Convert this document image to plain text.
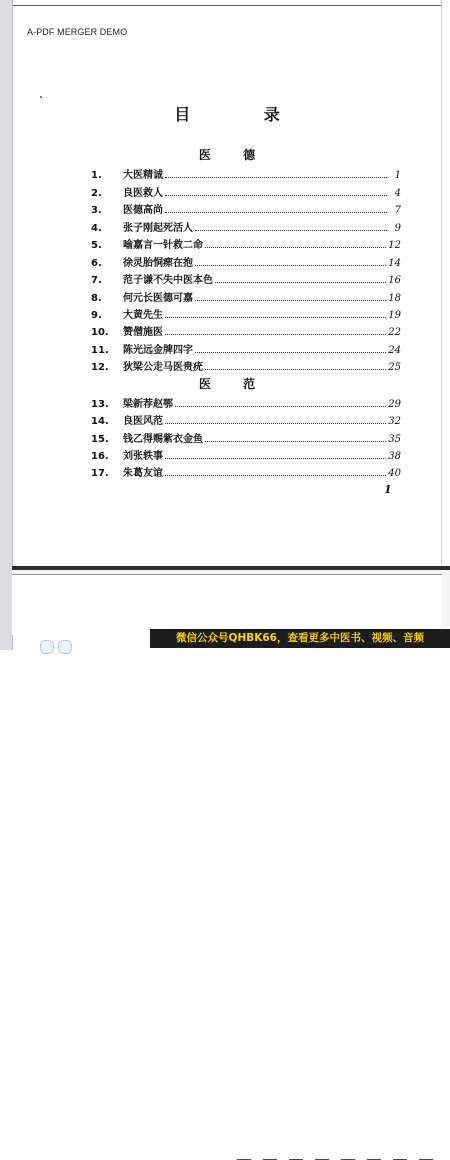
A-PDF MERGER DEMO
目 录
医 德
1.	大医精诚	1
2.	良医救人	4
3.	医德高尚	7
4.	张子刚起死活人	9
5.	喻嘉言一针救二命	12
6.	徐灵胎恫瘝在抱	14
7.	范子谦不失中医本色	16
8.	何元长医德可嘉	18
9.	大黄先生	19
10.	赞僧施医	22
11.	陈光远金牌四字	24
12.	狄梁公走马医贵疣	25
医 范
13.	梁新荐赵鄂	29
14.	良医风范	32
15.	钱乙得赐紫衣金鱼	35
16.	刘张轶事	38
17.	朱葛友谊	40
1
微信公众号QHBK66，查看更多中医书、视频、音频
